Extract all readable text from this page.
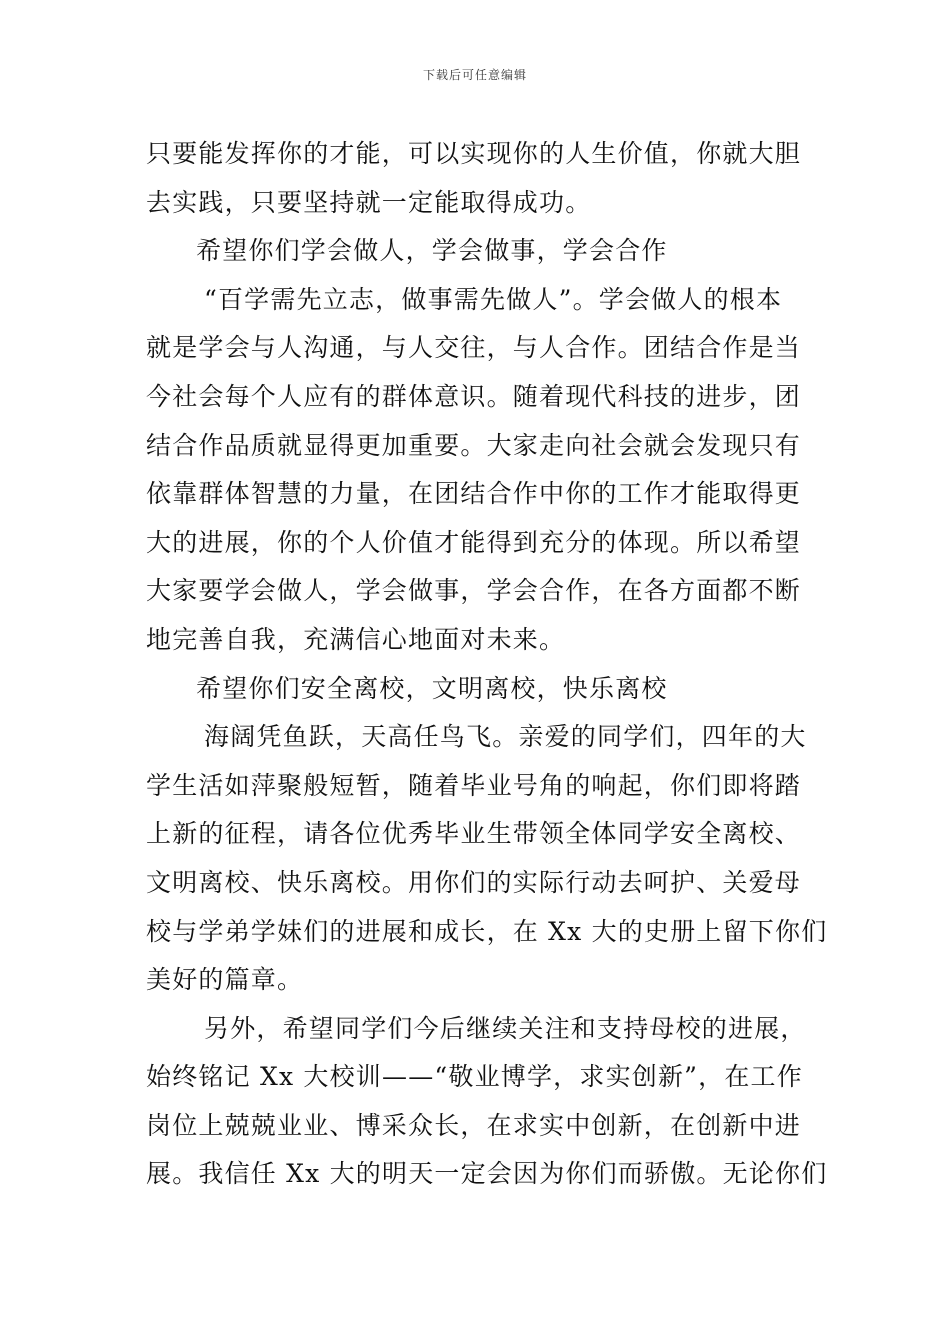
下载后可任意编辑
只要能发挥你的才能，可以实现你的人生价值，你就大胆
去实践，只要坚持就一定能取得成功。
希望你们学会做人，学会做事，学会合作
“百学需先立志，做事需先做人”。学会做人的根本
就是学会与人沟通，与人交往，与人合作。团结合作是当
今社会每个人应有的群体意识。随着现代科技的进步，团
结合作品质就显得更加重要。大家走向社会就会发现只有
依靠群体智慧的力量，在团结合作中你的工作才能取得更
大的进展，你的个人价值才能得到充分的体现。所以希望
大家要学会做人，学会做事，学会合作，在各方面都不断
地完善自我，充满信心地面对未来。
希望你们安全离校，文明离校，快乐离校
海阔凭鱼跃，天高任鸟飞。亲爱的同学们，四年的大
学生活如萍聚般短暂，随着毕业号角的响起，你们即将踏
上新的征程，请各位优秀毕业生带领全体同学安全离校、
文明离校、快乐离校。用你们的实际行动去呵护、关爱母
校与学弟学妹们的进展和成长，在 Xx 大的史册上留下你们
美好的篇章。
另外，希望同学们今后继续关注和支持母校的进展，
始终铭记 Xx 大校训——“敬业博学，求实创新”，在工作
岗位上兢兢业业、博采众长，在求实中创新，在创新中进
展。我信任 Xx 大的明天一定会因为你们而骄傲。无论你们
